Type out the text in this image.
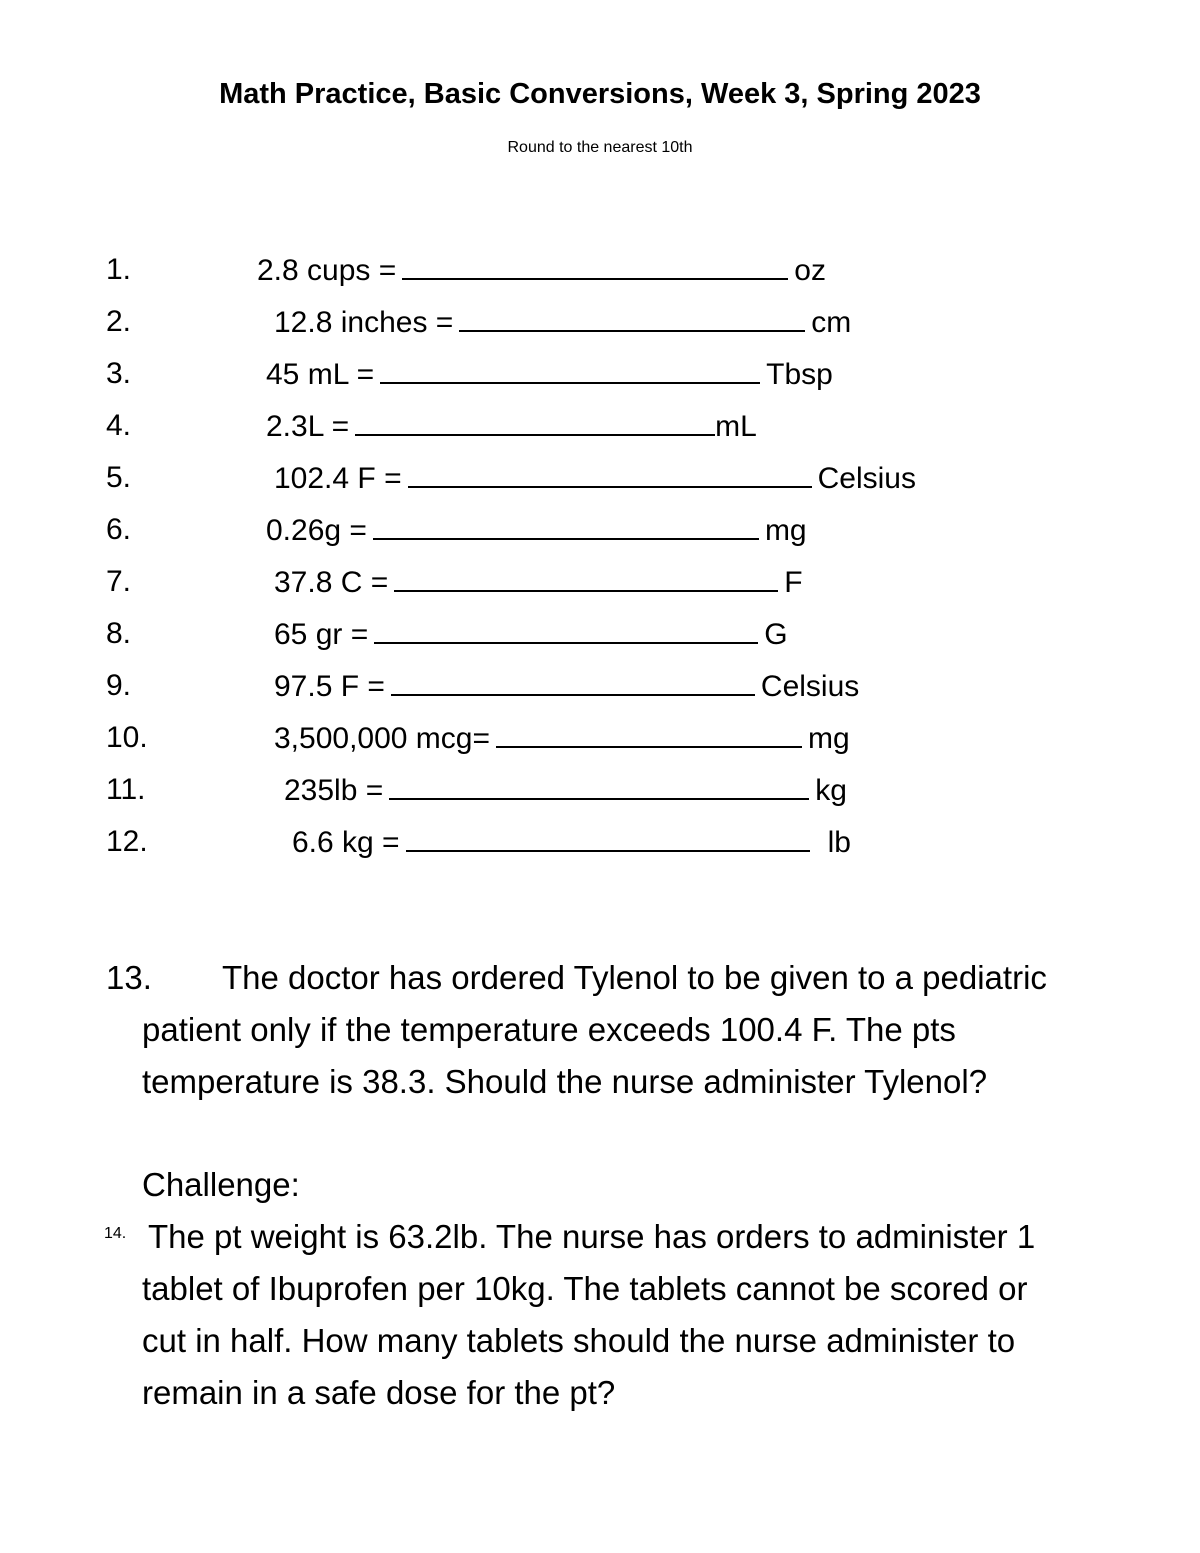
Math Practice, Basic Conversions, Week 3, Spring 2023
Round to the nearest 10th
1.	2.8 cups =	oz
2.	12.8 inches =	cm
3.	45 mL =	Tbsp
4.	2.3L =	mL
5.	102.4 F =	Celsius
6.	0.26g =	mg
7.	37.8 C =	F
8.	65 gr =	G
9.	97.5 F =	Celsius
10.	3,500,000 mcg=	mg
11.	235lb =	kg
12.	6.6 kg =	lb
13. The doctor has ordered Tylenol to be given to a pediatric
patient only if the temperature exceeds 100.4 F. The pts
temperature is 38.3. Should the nurse administer Tylenol?
Challenge:
14. The pt weight is 63.2lb. The nurse has orders to administer 1
tablet of Ibuprofen per 10kg. The tablets cannot be scored or
cut in half. How many tablets should the nurse administer to
remain in a safe dose for the pt?
